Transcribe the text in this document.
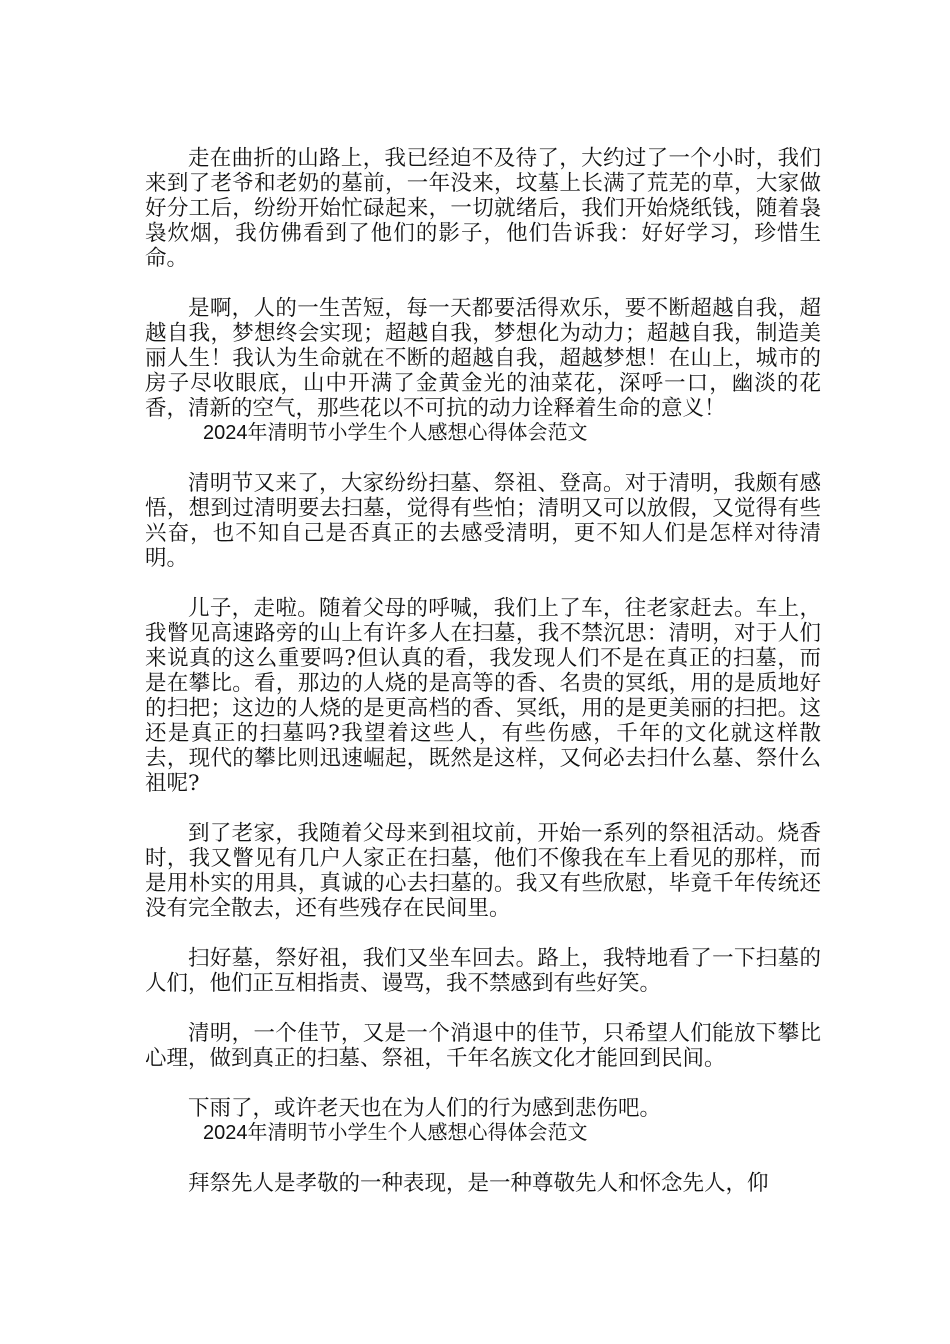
走在曲折的山路上，我已经迫不及待了，大约过了一个小时，我们来到了老爷和老奶的墓前，一年没来，坟墓上长满了荒芜的草，大家做好分工后，纷纷开始忙碌起来，一切就绪后，我们开始烧纸钱，随着袅袅炊烟，我仿佛看到了他们的影子，他们告诉我：好好学习，珍惜生命。

是啊，人的一生苦短，每一天都要活得欢乐，要不断超越自我，超越自我，梦想终会实现；超越自我，梦想化为动力；超越自我，制造美丽人生！我认为生命就在不断的超越自我，超越梦想！在山上，城市的房子尽收眼底，山中开满了金黄金光的油菜花，深呼一口，幽淡的花香，清新的空气，那些花以不可抗的动力诠释着生命的意义！

2024年清明节小学生个人感想心得体会范文

清明节又来了，大家纷纷扫墓、祭祖、登高。对于清明，我颇有感悟，想到过清明要去扫墓，觉得有些怕；清明又可以放假，又觉得有些兴奋，也不知自己是否真正的去感受清明，更不知人们是怎样对待清明。

儿子，走啦。随着父母的呼喊，我们上了车，往老家赶去。车上，我瞥见高速路旁的山上有许多人在扫墓，我不禁沉思：清明，对于人们来说真的这么重要吗?但认真的看，我发现人们不是在真正的扫墓，而是在攀比。看，那边的人烧的是高等的香、名贵的冥纸，用的是质地好的扫把；这边的人烧的是更高档的香、冥纸，用的是更美丽的扫把。这还是真正的扫墓吗?我望着这些人，有些伤感，千年的文化就这样散去，现代的攀比则迅速崛起，既然是这样，又何必去扫什么墓、祭什么祖呢?

到了老家，我随着父母来到祖坟前，开始一系列的祭祖活动。烧香时，我又瞥见有几户人家正在扫墓，他们不像我在车上看见的那样，而是用朴实的用具，真诚的心去扫墓的。我又有些欣慰，毕竟千年传统还没有完全散去，还有些残存在民间里。

扫好墓，祭好祖，我们又坐车回去。路上，我特地看了一下扫墓的人们，他们正互相指责、谩骂，我不禁感到有些好笑。

清明，一个佳节，又是一个消退中的佳节，只希望人们能放下攀比心理，做到真正的扫墓、祭祖，千年名族文化才能回到民间。

下雨了，或许老天也在为人们的行为感到悲伤吧。

2024年清明节小学生个人感想心得体会范文

拜祭先人是孝敬的一种表现，是一种尊敬先人和怀念先人，仰
